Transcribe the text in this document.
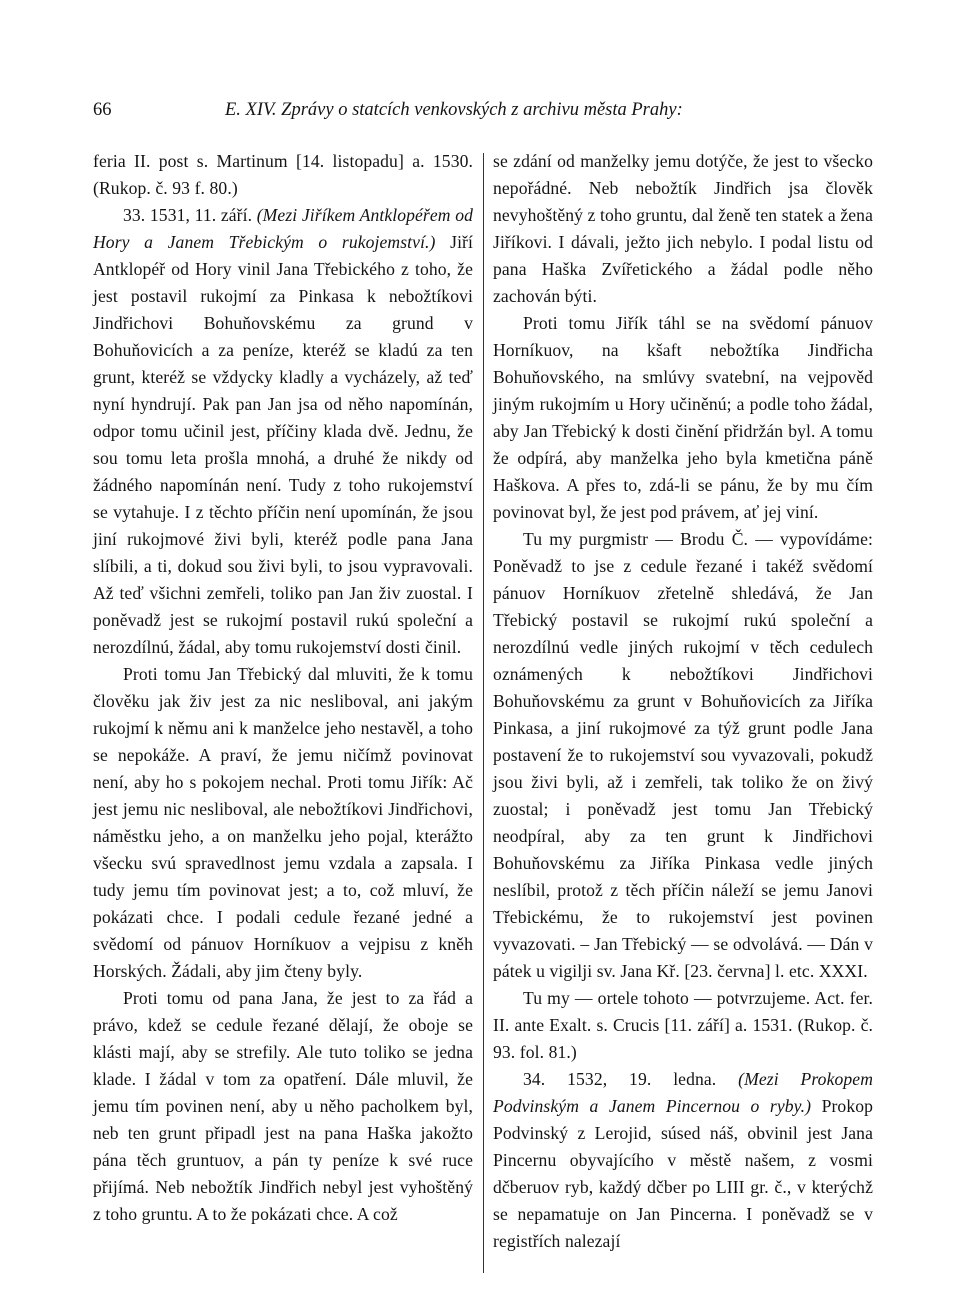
66	E. XIV. Zprávy o statcích venkovských z archivu města Prahy:

feria II. post s. Martinum [14. listopadu] a. 1530. (Rukop. č. 93 f. 80.)

33. 1531, 11. září. (Mezi Jiříkem Antklopéřem od Hory a Janem Třebickým o rukojemství.) Jiří Antklopéř od Hory vinil Jana Třebického z toho, že jest postavil rukojmí za Pinkasa k nebožtíkovi Jindřichovi Bohuňovskému za grund v Bohuňovicích a za peníze, kteréž se kladú za ten grunt, kteréž se vždycky kladly a vycházely, až teď nyní hyndrují. Pak pan Jan jsa od něho napomínán, odpor tomu učinil jest, příčiny klada dvě. Jednu, že sou tomu leta prošla mnohá, a druhé že nikdy od žádného napomínán není. Tudy z toho rukojemství se vytahuje. I z těchto příčin není upomínán, že jsou jiní rukojmové živi byli, kteréž podle pana Jana slíbili, a ti, dokud sou živi byli, to jsou vypravovali. Až teď všichni zemřeli, toliko pan Jan živ zuostal. I poněvadž jest se rukojmí postavil rukú společní a nerozdílnú, žádal, aby tomu rukojemství dosti činil.

Proti tomu Jan Třebický dal mluviti, že k tomu člověku jak živ jest za nic nesliboval, ani jakým rukojmí k němu ani k manželce jeho nestavěl, a toho se nepokáže. A praví, že jemu ničímž povinovat není, aby ho s pokojem nechal. Proti tomu Jiřík: Ač jest jemu nic nesliboval, ale nebožtíkovi Jindřichovi, náměstku jeho, a on manželku jeho pojal, kterážto všecku svú spravedlnost jemu vzdala a zapsala. I tudy jemu tím povinovat jest; a to, což mluví, že pokázati chce. I podali cedule řezané jedné a svědomí od pánuov Horníkuov a vejpisu z kněh Horských. Žádali, aby jim čteny byly.

Proti tomu od pana Jana, že jest to za řád a právo, kdež se cedule řezané dělají, že oboje se klásti mají, aby se strefily. Ale tuto toliko se jedna klade. I žádal v tom za opatření. Dále mluvil, že jemu tím povinen není, aby u něho pacholkem byl, neb ten grunt připadl jest na pana Haška jakožto pána těch gruntuov, a pán ty peníze k své ruce přijímá. Neb nebožtík Jindřich nebyl jest vyhoštěný z toho gruntu. A to že pokázati chce. A což

se zdání od manželky jemu dotýče, že jest to všecko nepořádné. Neb nebožtík Jindřich jsa člověk nevyhoštěný z toho gruntu, dal ženě ten statek a žena Jiříkovi. I dávali, ježto jich nebylo. I podal listu od pana Haška Zvířetického a žádal podle něho zachován býti.

Proti tomu Jiřík táhl se na svědomí pánuov Horníkuov, na kšaft nebožtíka Jindřicha Bohuňovského, na smlúvy svatební, na vejpověd jiným rukojmím u Hory učiněnú; a podle toho žádal, aby Jan Třebický k dosti činění přidržán byl. A tomu že odpírá, aby manželka jeho byla kmetična páně Haškova. A přes to, zdá-li se pánu, že by mu čím povinovat byl, že jest pod právem, ať jej viní.

Tu my purgmistr — Brodu Č. — vypovídáme: Poněvadž to jse z cedule řezané i takéž svědomí pánuov Horníkuov zřetelně shledává, že Jan Třebický postavil se rukojmí rukú společní a nerozdílnú vedle jiných rukojmí v těch cedulech oznámených k nebožtíkovi Jindřichovi Bohuňovskému za grunt v Bohuňovicích za Jiříka Pinkasa, a jiní rukojmové za týž grunt podle Jana postavení že to rukojemství sou vyvazovali, pokudž jsou živi byli, až i zemřeli, tak toliko že on živý zuostal; i poněvadž jest tomu Jan Třebický neodpíral, aby za ten grunt k Jindřichovi Bohuňovskému za Jiříka Pinkasa vedle jiných neslíbil, protož z těch příčin náleží se jemu Janovi Třebickému, že to rukojemství jest povinen vyvazovati. – Jan Třebický — se odvolává. — Dán v pátek u vigilji sv. Jana Kř. [23. června] l. etc. XXXI.

Tu my — ortele tohoto — potvrzujeme. Act. fer. II. ante Exalt. s. Crucis [11. září] a. 1531. (Rukop. č. 93. fol. 81.)

34. 1532, 19. ledna. (Mezi Prokopem Podvinským a Janem Pincernou o ryby.) Prokop Podvinský z Lerojid, súsed náš, obvinil jest Jana Pincernu obyvajícího v městě našem, z vosmi dčberuov ryb, každý dčber po LIII gr. č., v kterýchž se nepamatuje on Jan Pincerna. I poněvadž se v registřích nalezají
